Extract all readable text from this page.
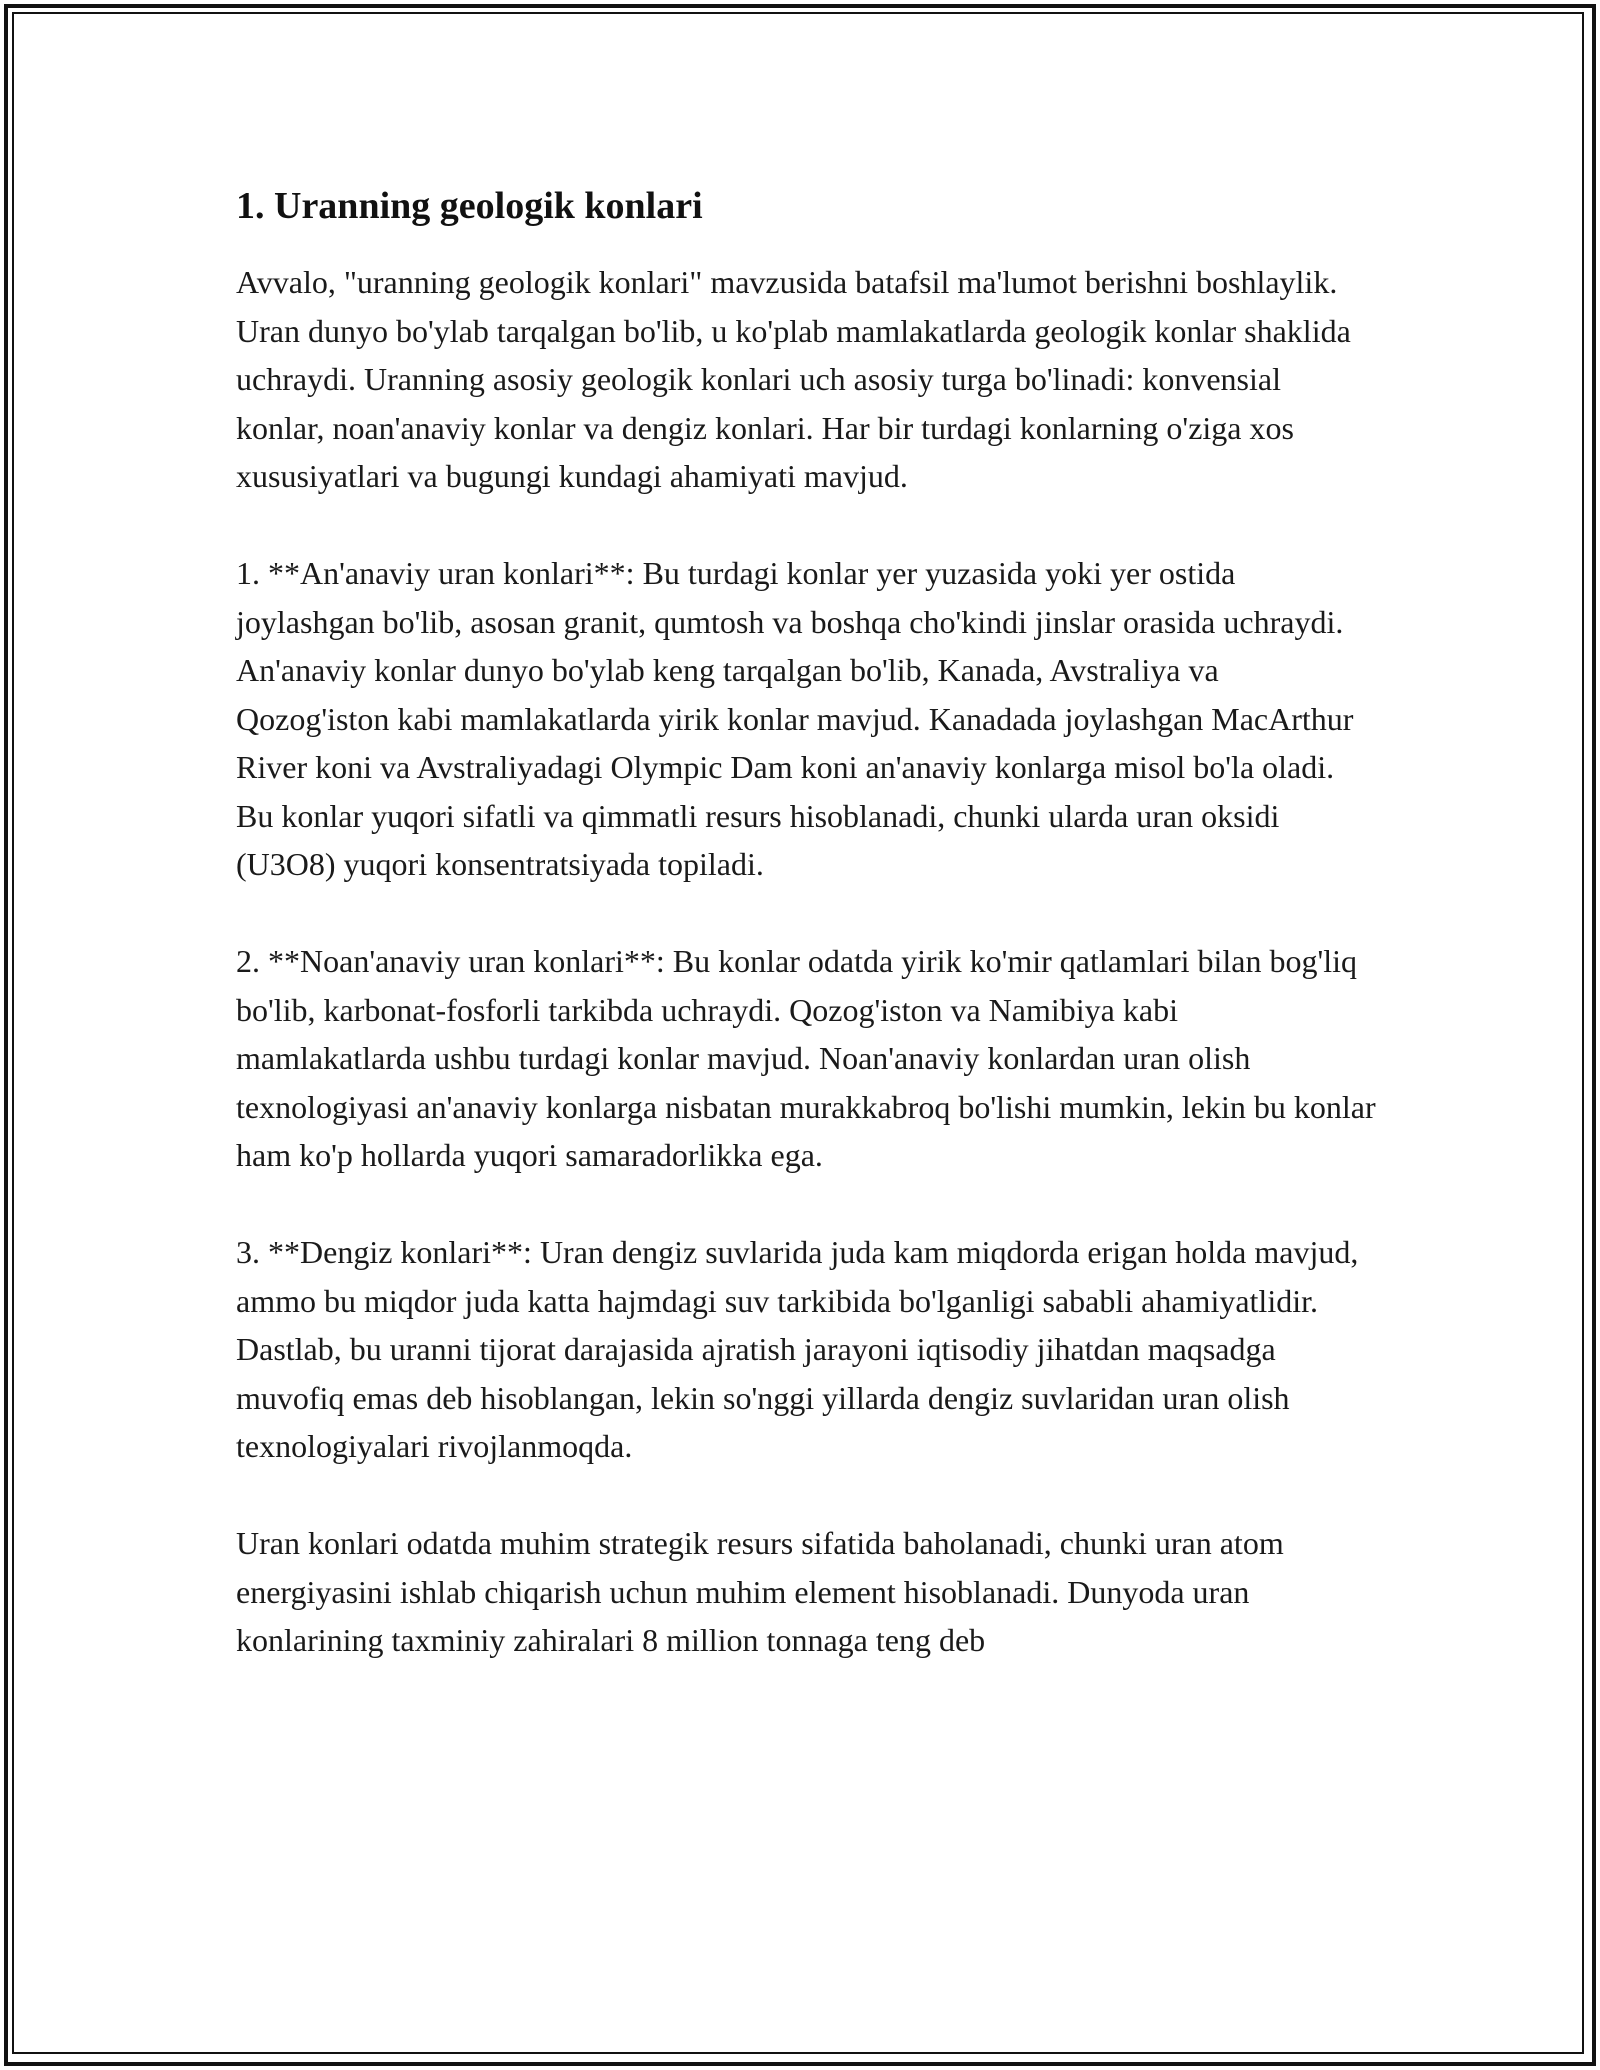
1. Uranning geologik konlari

Avvalo, "uranning geologik konlari" mavzusida batafsil ma'lumot berishni boshlaylik. Uran dunyo bo'ylab tarqalgan bo'lib, u ko'plab mamlakatlarda geologik konlar shaklida uchraydi. Uranning asosiy geologik konlari uch asosiy turga bo'linadi: konvensial konlar, noan'anaviy konlar va dengiz konlari. Har bir turdagi konlarning o'ziga xos xususiyatlari va bugungi kundagi ahamiyati mavjud.

1. **An'anaviy uran konlari**: Bu turdagi konlar yer yuzasida yoki yer ostida joylashgan bo'lib, asosan granit, qumtosh va boshqa cho'kindi jinslar orasida uchraydi. An'anaviy konlar dunyo bo'ylab keng tarqalgan bo'lib, Kanada, Avstraliya va Qozog'iston kabi mamlakatlarda yirik konlar mavjud. Kanadada joylashgan MacArthur River koni va Avstraliyadagi Olympic Dam koni an'anaviy konlarga misol bo'la oladi. Bu konlar yuqori sifatli va qimmatli resurs hisoblanadi, chunki ularda uran oksidi (U3O8) yuqori konsentratsiyada topiladi.

2. **Noan'anaviy uran konlari**: Bu konlar odatda yirik ko'mir qatlamlari bilan bog'liq bo'lib, karbonat-fosforli tarkibda uchraydi. Qozog'iston va Namibiya kabi mamlakatlarda ushbu turdagi konlar mavjud. Noan'anaviy konlardan uran olish texnologiyasi an'anaviy konlarga nisbatan murakkabroq bo'lishi mumkin, lekin bu konlar ham ko'p hollarda yuqori samaradorlikka ega.

3. **Dengiz konlari**: Uran dengiz suvlarida juda kam miqdorda erigan holda mavjud, ammo bu miqdor juda katta hajmdagi suv tarkibida bo'lganligi sababli ahamiyatlidir. Dastlab, bu uranni tijorat darajasida ajratish jarayoni iqtisodiy jihatdan maqsadga muvofiq emas deb hisoblangan, lekin so'nggi yillarda dengiz suvlaridan uran olish texnologiyalari rivojlanmoqda.

Uran konlari odatda muhim strategik resurs sifatida baholanadi, chunki uran atom energiyasini ishlab chiqarish uchun muhim element hisoblanadi. Dunyoda uran konlarining taxminiy zahiralari 8 million tonnaga teng deb
